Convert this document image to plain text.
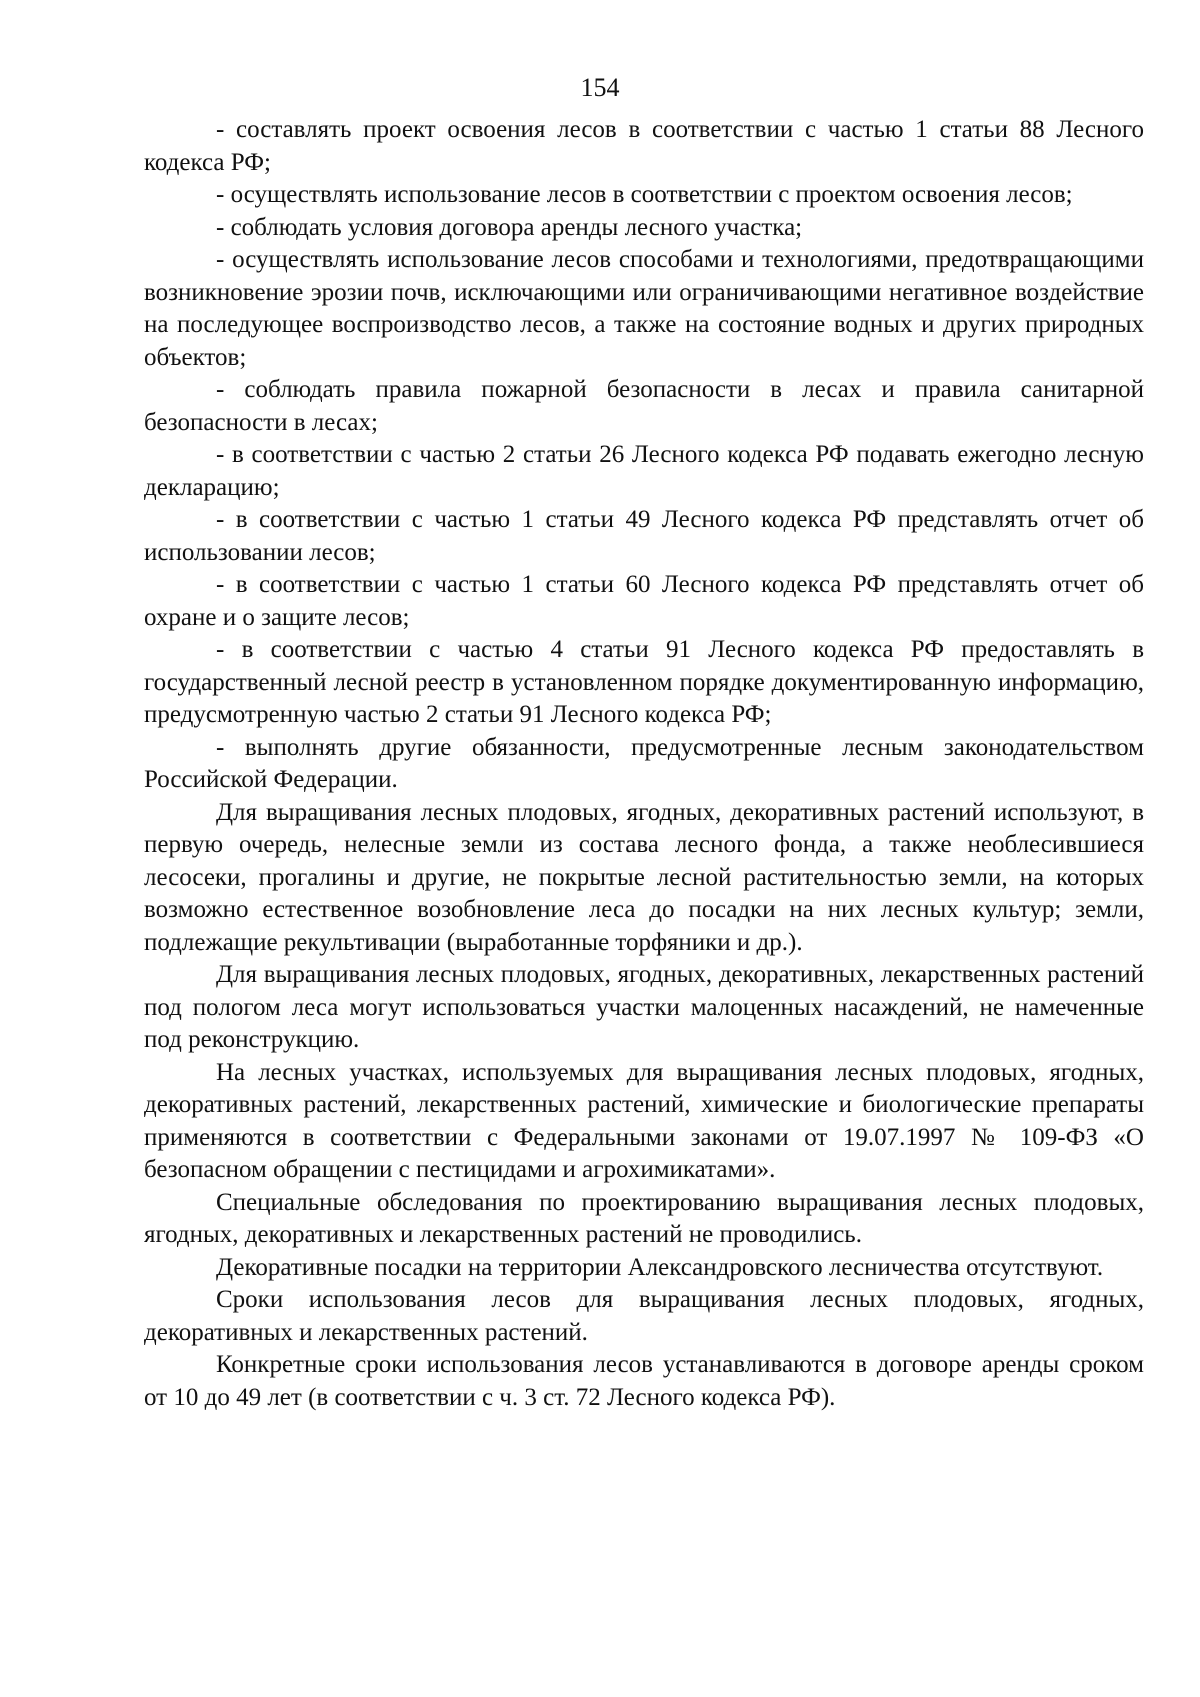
154

- составлять проект освоения лесов в соответствии с частью 1 статьи 88 Лесного кодекса РФ;

- осуществлять использование лесов в соответствии с проектом освоения лесов;

- соблюдать условия договора аренды лесного участка;

- осуществлять использование лесов способами и технологиями, предотвращающими возникновение эрозии почв, исключающими или ограничивающими негативное воздействие на последующее воспроизводство лесов, а также на состояние водных и других природных объектов;

- соблюдать правила пожарной безопасности в лесах и правила санитарной безопасности в лесах;

- в соответствии с частью 2 статьи 26 Лесного кодекса РФ подавать ежегодно лесную декларацию;

- в соответствии с частью 1 статьи 49 Лесного кодекса РФ представлять отчет об использовании лесов;

- в соответствии с частью 1 статьи 60 Лесного кодекса РФ представлять отчет об охране и о защите лесов;

- в соответствии с частью 4 статьи 91 Лесного кодекса РФ предоставлять в государственный лесной реестр в установленном порядке документированную информацию, предусмотренную частью 2 статьи 91 Лесного кодекса РФ;

- выполнять другие обязанности, предусмотренные лесным законодательством Российской Федерации.

Для выращивания лесных плодовых, ягодных, декоративных растений используют, в первую очередь, нелесные земли из состава лесного фонда, а также необлесившиеся лесосеки, прогалины и другие, не покрытые лесной растительностью земли, на которых возможно естественное возобновление леса до посадки на них лесных культур; земли, подлежащие рекультивации (выработанные торфяники и др.).

Для выращивания лесных плодовых, ягодных, декоративных, лекарственных растений под пологом леса могут использоваться участки малоценных насаждений, не намеченные под реконструкцию.

На лесных участках, используемых для выращивания лесных плодовых, ягодных, декоративных растений, лекарственных растений, химические и биологические препараты применяются в соответствии с Федеральными законами от 19.07.1997 № 109-ФЗ «О безопасном обращении с пестицидами и агрохимикатами».

Специальные обследования по проектированию выращивания лесных плодовых, ягодных, декоративных и лекарственных растений не проводились.

Декоративные посадки на территории Александровского лесничества отсутствуют.

Сроки использования лесов для выращивания лесных плодовых, ягодных, декоративных и лекарственных растений.

Конкретные сроки использования лесов устанавливаются в договоре аренды сроком от 10 до 49 лет (в соответствии с ч. 3 ст. 72 Лесного кодекса РФ).
